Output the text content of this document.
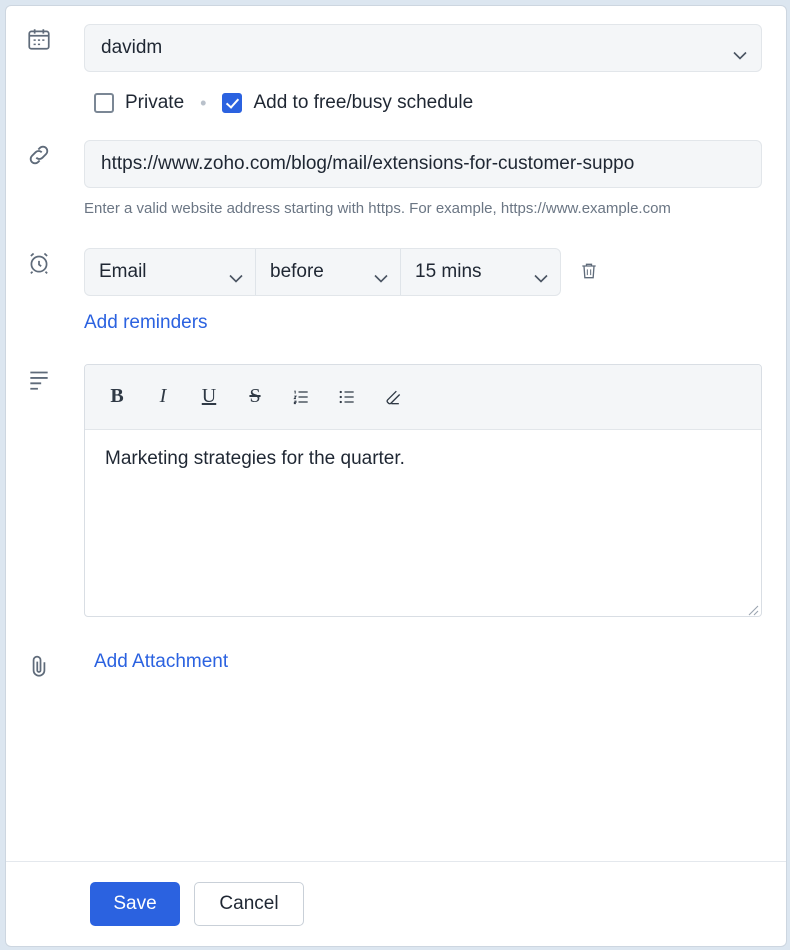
davidm
Private • Add to free/busy schedule
https://www.zoho.com/blog/mail/extensions-for-customer-suppo
Enter a valid website address starting with https. For example, https://www.example.com
Email	before	15 mins
Add reminders
B	I	U	S
Marketing strategies for the quarter.
Add Attachment
Save	Cancel
